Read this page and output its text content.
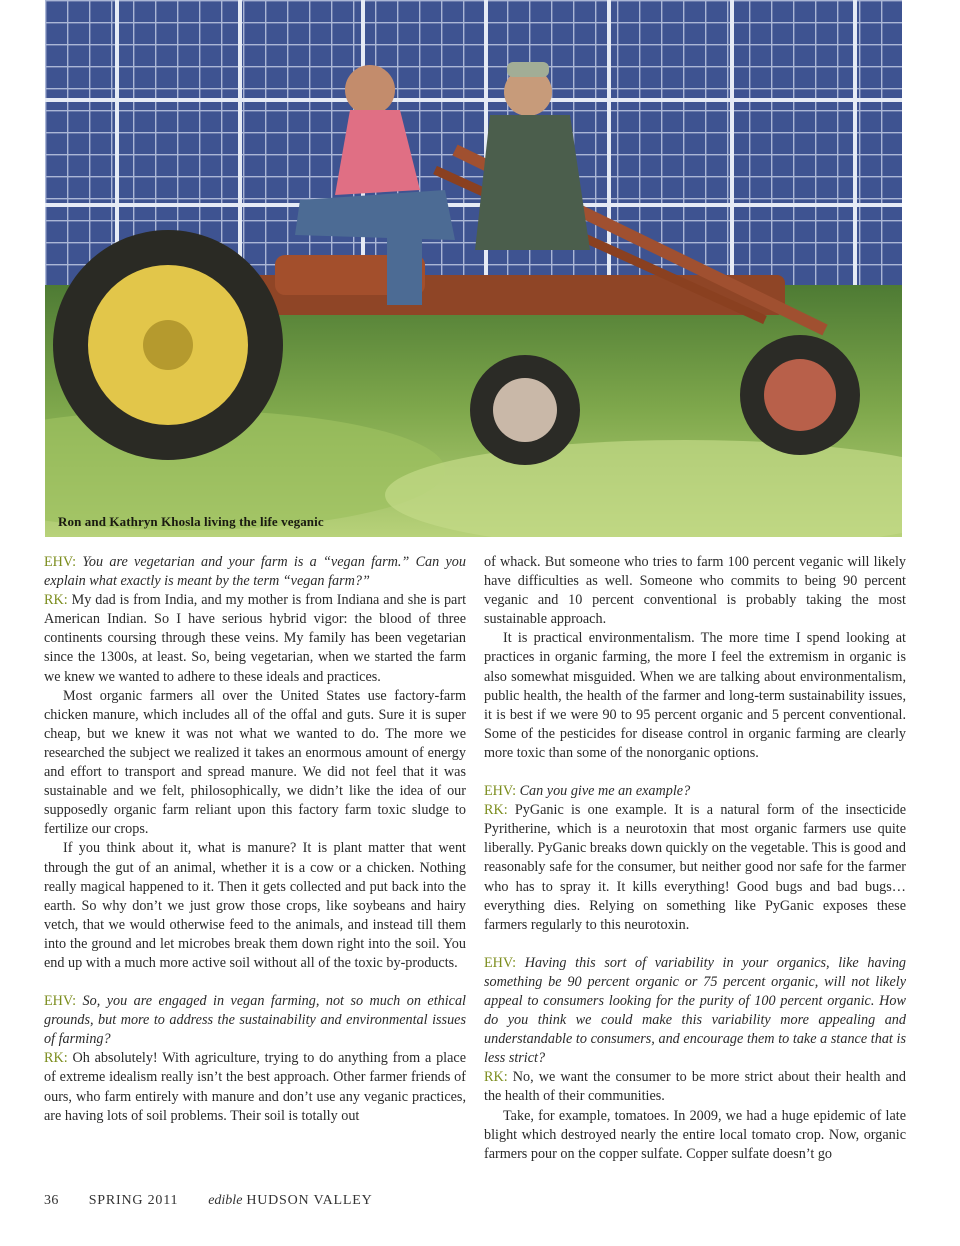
Ron and Kathryn Khosla living the life veganic

EHV: You are vegetarian and your farm is a “vegan farm.” Can you explain what exactly is meant by the term “vegan farm?”

RK: My dad is from India, and my mother is from Indiana and she is part American Indian. So I have serious hybrid vigor: the blood of three continents coursing through these veins. My family has been vegetarian since the 1300s, at least. So, being vegetarian, when we started the farm we knew we wanted to adhere to these ideals and practices.

Most organic farmers all over the United States use factory-farm chicken manure, which includes all of the offal and guts. Sure it is super cheap, but we knew it was not what we wanted to do. The more we researched the subject we realized it takes an enormous amount of energy and effort to transport and spread manure. We did not feel that it was sustainable and we felt, philosophically, we didn’t like the idea of our supposedly organic farm reliant upon this factory farm toxic sludge to fertilize our crops.

If you think about it, what is manure? It is plant matter that went through the gut of an animal, whether it is a cow or a chicken. Nothing really magical happened to it. Then it gets collected and put back into the earth. So why don’t we just grow those crops, like soybeans and hairy vetch, that we would otherwise feed to the animals, and instead till them into the ground and let microbes break them down right into the soil. You end up with a much more active soil without all of the toxic by-products.

EHV: So, you are engaged in vegan farming, not so much on ethical grounds, but more to address the sustainability and environmental issues of farming?

RK: Oh absolutely! With agriculture, trying to do anything from a place of extreme idealism really isn’t the best approach. Other farmer friends of ours, who farm entirely with manure and don’t use any veganic practices, are having lots of soil problems. Their soil is totally out

of whack. But someone who tries to farm 100 percent veganic will likely have difficulties as well. Someone who commits to being 90 percent veganic and 10 percent conventional is probably taking the most sustainable approach.

It is practical environmentalism. The more time I spend looking at practices in organic farming, the more I feel the extremism in organic is also somewhat misguided. When we are talking about environmentalism, public health, the health of the farmer and long-term sustainability issues, it is best if we were 90 to 95 percent organic and 5 percent conventional. Some of the pesticides for disease control in organic farming are clearly more toxic than some of the nonorganic options.

EHV: Can you give me an example?

RK: PyGanic is one example. It is a natural form of the insecticide Pyritherine, which is a neurotoxin that most organic farmers use quite liberally. PyGanic breaks down quickly on the vegetable. This is good and reasonably safe for the consumer, but neither good nor safe for the farmer who has to spray it. It kills everything! Good bugs and bad bugs…everything dies. Relying on something like PyGanic exposes these farmers regularly to this neurotoxin.

EHV: Having this sort of variability in your organics, like having something be 90 percent organic or 75 percent organic, will not likely appeal to consumers looking for the purity of 100 percent organic. How do you think we could make this variability more appealing and understandable to consumers, and encourage them to take a stance that is less strict?

RK: No, we want the consumer to be more strict about their health and the health of their communities.

Take, for example, tomatoes. In 2009, we had a huge epidemic of late blight which destroyed nearly the entire local tomato crop. Now, organic farmers pour on the copper sulfate. Copper sulfate doesn’t go

36 SPRING 2011 edible HUDSON VALLEY
